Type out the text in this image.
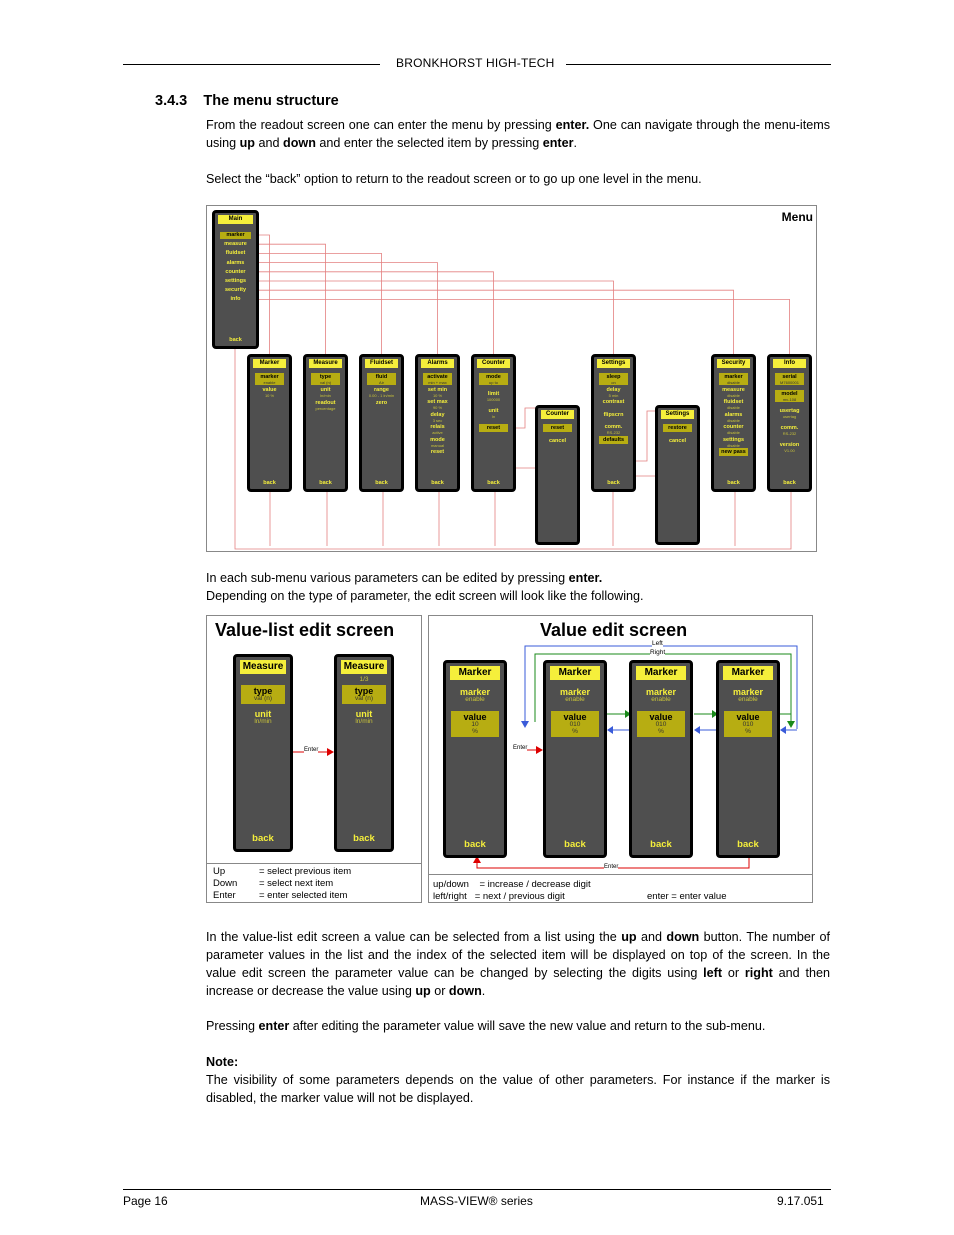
BRONKHORST HIGH-TECH
3.4.3 The menu structure
From the readout screen one can enter the menu by pressing enter. One can navigate through the menu-items using up and down and enter the selected item by pressing enter.
Select the “back” option to return to the readout screen or to go up one level in the menu.
Menu
Main
marker
measure
fluidset
alarms
counter
settings
security
info
back
Marker
marker
enable
value
10 %
back
Measure
type
val (n)
unit
ln/min
readout
percentage
back
Fluidset
fluid
Air
range
0.00 - 1 ln/min
zero
back
Alarms
activate
min + max
set min
10 %
set max
90 %
delay
3 sec
relais
active
mode
manual
reset
back
Counter
mode
up to
limit
100000
unit
ln
reset
back
Counter
reset
cancel
Settings
sleep
on
delay
5 min
contrast
flipscrn
comm.
RS-232
defaults
back
Settings
restore
cancel
Security
marker
disable
measure
disable
fluidset
disable
alarms
disable
counter
disable
settings
disable
new pass
back
Info
serial
M7600001
model
mv-108
usertag
usertag
comm.
RS-232
version
V1.00
back
In each sub-menu various parameters can be edited by pressing enter.
Depending on the type of parameter, the edit screen will look like the following.
Value-list edit screen
Measure
type
val (n)
unit
ln/min
back
Measure
1/3
type
val (n)
unit
ln/min
back
Enter
Up	= select previous item
Down = select next item
Enter = enter selected item
Value edit screen
Left
Right
Enter
Enter
Marker
marker
enable
value
10
%
back
Marker
marker
enable
value
010
%
back
Marker
marker
enable
value
010
%
back
Marker
marker
enable
value
010
%
back
up/down    = increase / decrease digit
left/right   = next / previous digit	enter = enter value
In the value-list edit screen a value can be selected from a list using the up and down button. The number of parameter values in the list and the index of the selected item will be displayed on top of the screen. In the value edit screen the parameter value can be changed by selecting the digits using left or right and then increase or decrease the value using up or down.
Pressing enter after editing the parameter value will save the new value and return to the sub-menu.
Note:
The visibility of some parameters depends on the value of other parameters. For instance if the marker is disabled, the marker value will not be displayed.
Page 16	MASS-VIEW® series	9.17.051
